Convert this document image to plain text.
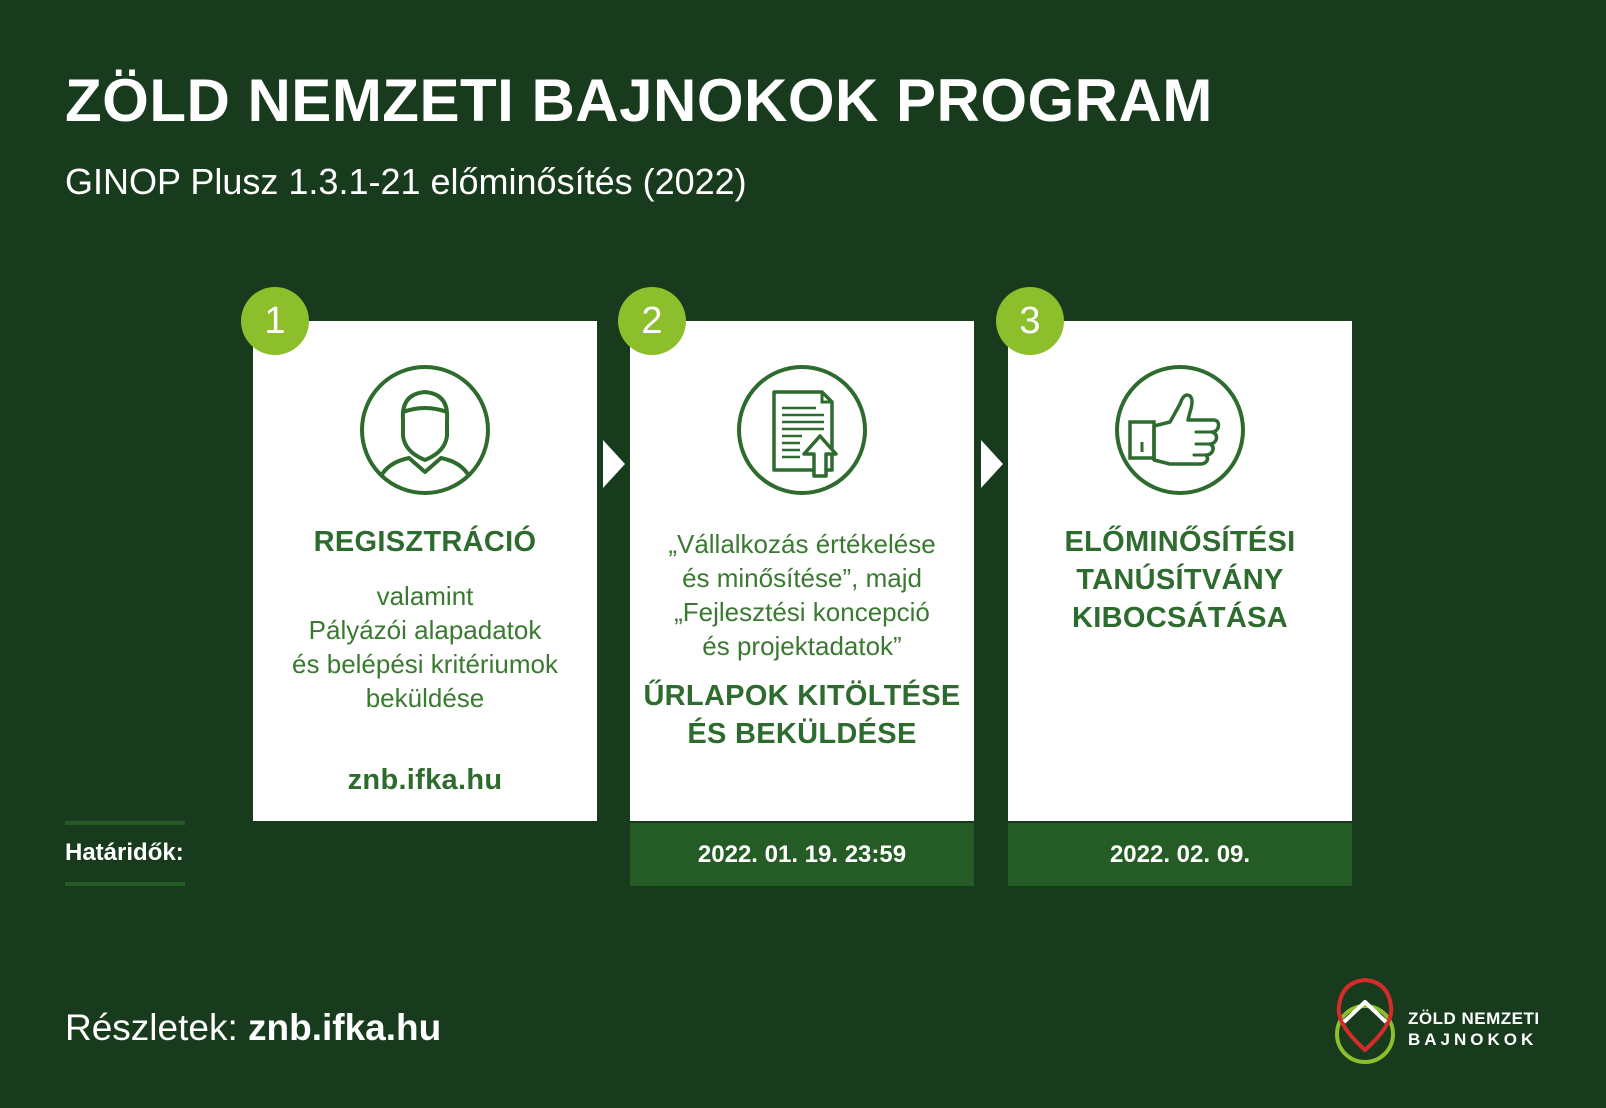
ZÖLD NEMZETI BAJNOKOK PROGRAM
GINOP Plusz 1.3.1-21 előminősítés (2022)
1
REGISZTRÁCIÓ
valamint
Pályázói alapadatok
és belépési kritériumok
beküldése
znb.ifka.hu
2
„Vállalkozás értékelése
és minősítése”, majd
„Fejlesztési koncepció
és projektadatok”
ŰRLAPOK KITÖLTÉSE
ÉS BEKÜLDÉSE
3
ELŐMINŐSÍTÉSI
TANÚSÍTVÁNY
KIBOCSÁTÁSA
Határidők:	2022. 01. 19. 23:59	2022. 02. 09.
Részletek: znb.ifka.hu	ZÖLD NEMZETI
BAJNOKOK
